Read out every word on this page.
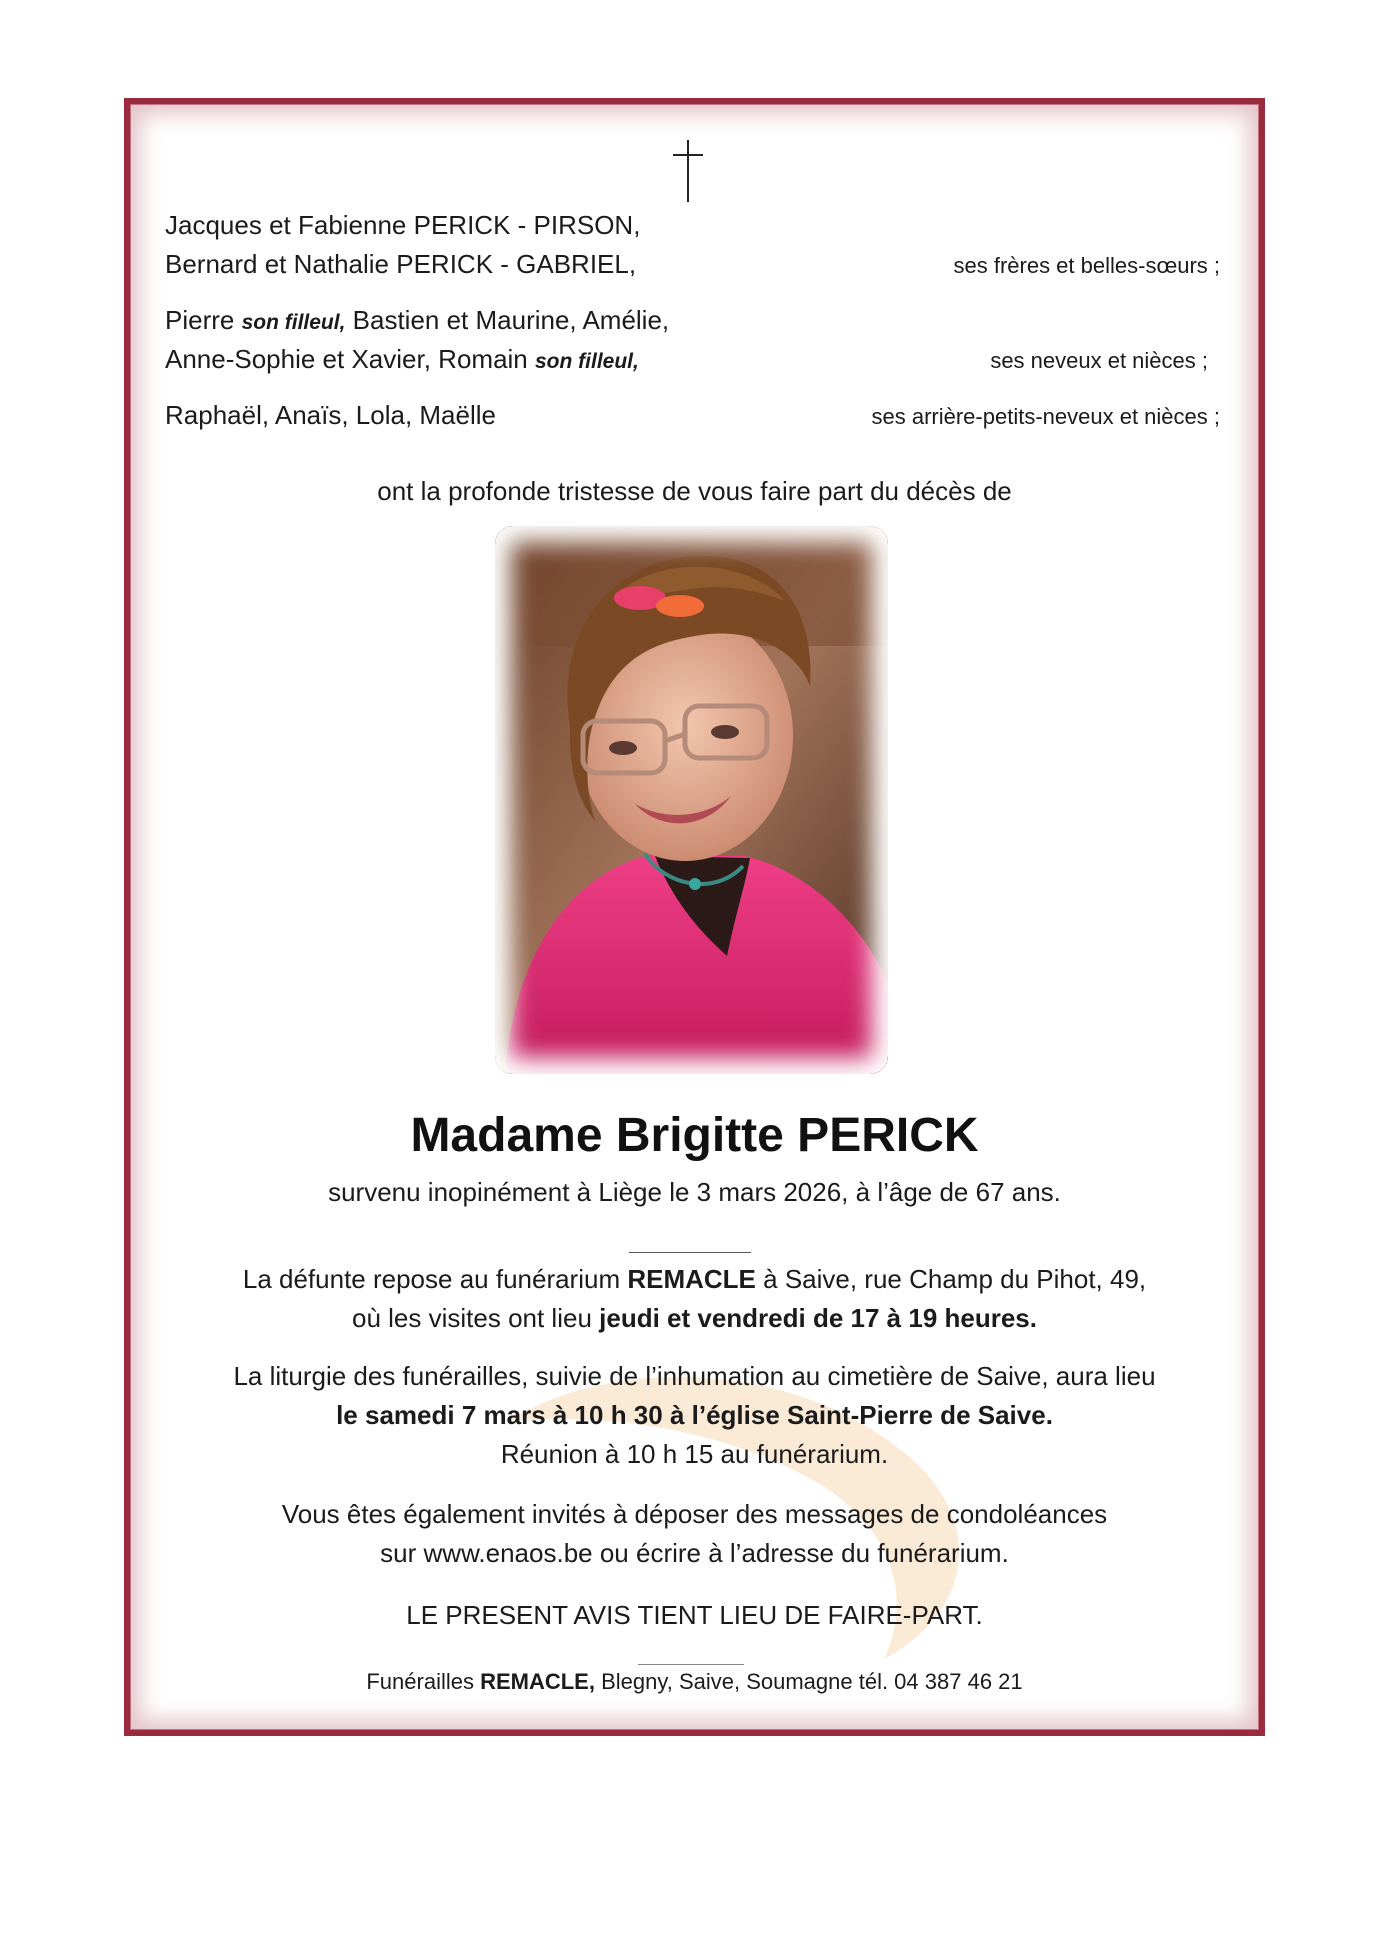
Jacques et Fabienne PERICK - PIRSON,
Bernard et Nathalie PERICK - GABRIEL,	ses frères et belles-sœurs ;
Pierre son filleul, Bastien et Maurine, Amélie,
Anne-Sophie et Xavier, Romain son filleul,	ses neveux et nièces ;
Raphaël, Anaïs, Lola, Maëlle	ses arrière-petits-neveux et nièces ;
ont la profonde tristesse de vous faire part du décès de
Madame Brigitte PERICK
survenu inopinément à Liège le 3 mars 2026, à l’âge de 67 ans.
La défunte repose au funérarium REMACLE à Saive, rue Champ du Pihot, 49,
où les visites ont lieu jeudi et vendredi de 17 à 19 heures.
La liturgie des funérailles, suivie de l’inhumation au cimetière de Saive, aura lieu
le samedi 7 mars à 10 h 30 à l’église Saint-Pierre de Saive.
Réunion à 10 h 15 au funérarium.
Vous êtes également invités à déposer des messages de condoléances
sur www.enaos.be ou écrire à l’adresse du funérarium.
LE PRESENT AVIS TIENT LIEU DE FAIRE-PART.
Funérailles REMACLE, Blegny, Saive, Soumagne tél. 04 387 46 21
